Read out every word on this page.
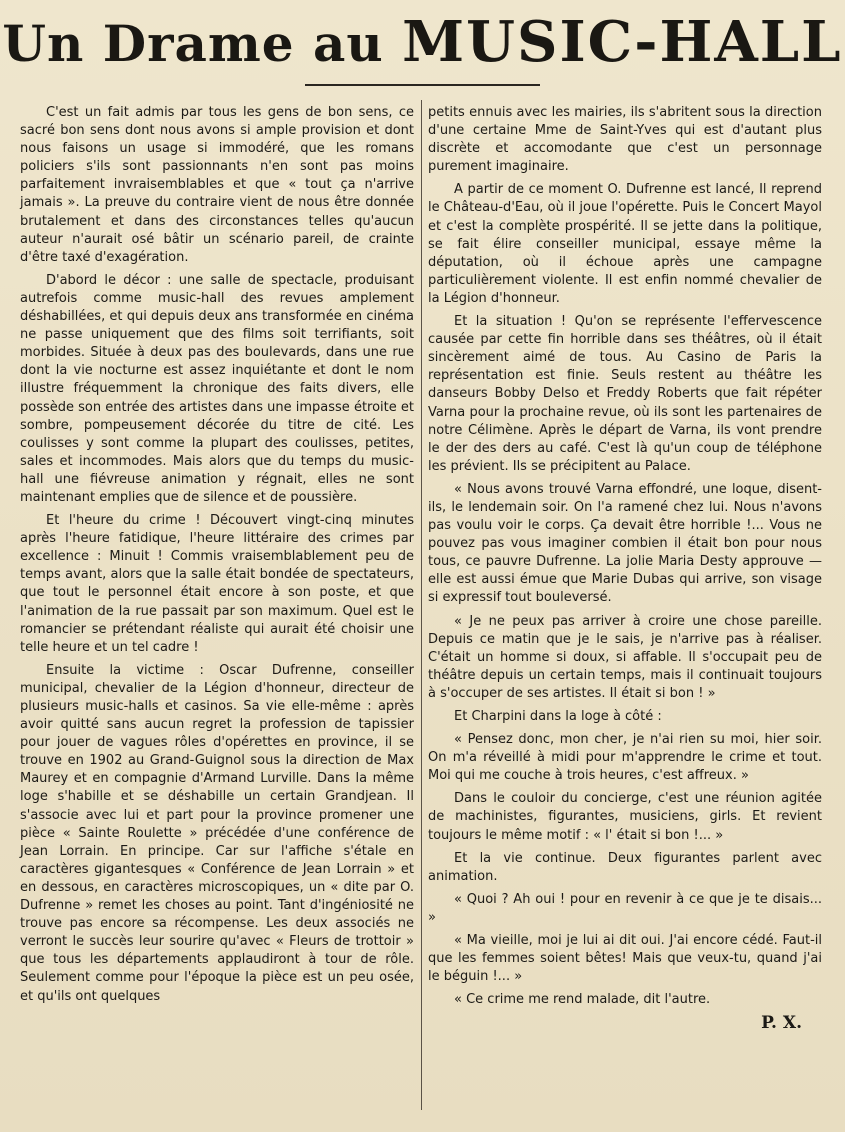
Un Drame au MUSIC-HALL

C'est un fait admis par tous les gens de bon sens, ce sacré bon sens dont nous avons si ample provision et dont nous faisons un usage si immodéré, que les romans policiers s'ils sont passionnants n'en sont pas moins parfaitement invraisemblables et que « tout ça n'arrive jamais ». La preuve du contraire vient de nous être donnée brutalement et dans des circonstances telles qu'aucun auteur n'aurait osé bâtir un scénario pareil, de crainte d'être taxé d'exagération.

D'abord le décor : une salle de spectacle, produisant autrefois comme music-hall des revues amplement déshabillées, et qui depuis deux ans transformée en cinéma ne passe uniquement que des films soit terrifiants, soit morbides. Située à deux pas des boulevards, dans une rue dont la vie nocturne est assez inquiétante et dont le nom illustre fréquemment la chronique des faits divers, elle possède son entrée des artistes dans une impasse étroite et sombre, pompeusement décorée du titre de cité. Les coulisses y sont comme la plupart des coulisses, petites, sales et incommodes. Mais alors que du temps du music-hall une fiévreuse animation y régnait, elles ne sont maintenant emplies que de silence et de poussière.

Et l'heure du crime ! Découvert vingt-cinq minutes après l'heure fatidique, l'heure littéraire des crimes par excellence : Minuit ! Commis vraisemblablement peu de temps avant, alors que la salle était bondée de spectateurs, que tout le personnel était encore à son poste, et que l'animation de la rue passait par son maximum. Quel est le romancier se prétendant réaliste qui aurait été choisir une telle heure et un tel cadre !

Ensuite la victime : Oscar Dufrenne, conseiller municipal, chevalier de la Légion d'honneur, directeur de plusieurs music-halls et casinos. Sa vie elle-même : après avoir quitté sans aucun regret la profession de tapissier pour jouer de vagues rôles d'opérettes en province, il se trouve en 1902 au Grand-Guignol sous la direction de Max Maurey et en compagnie d'Armand Lurville. Dans la même loge s'habille et se déshabille un certain Grandjean. Il s'associe avec lui et part pour la province promener une pièce « Sainte Roulette » précédée d'une conférence de Jean Lorrain. En principe. Car sur l'affiche s'étale en caractères gigantesques « Conférence de Jean Lorrain » et en dessous, en caractères microscopiques, un « dite par O. Dufrenne » remet les choses au point. Tant d'ingéniosité ne trouve pas encore sa récompense. Les deux associés ne verront le succès leur sourire qu'avec « Fleurs de trottoir » que tous les départements applaudiront à tour de rôle. Seulement comme pour l'époque la pièce est un peu osée, et qu'ils ont quelques

petits ennuis avec les mairies, ils s'abritent sous la direction d'une certaine Mme de Saint-Yves qui est d'autant plus discrète et accomodante que c'est un personnage purement imaginaire.

A partir de ce moment O. Dufrenne est lancé, Il reprend le Château-d'Eau, où il joue l'opérette. Puis le Concert Mayol et c'est la complète prospérité. Il se jette dans la politique, se fait élire conseiller municipal, essaye même la députation, où il échoue après une campagne particulièrement violente. Il est enfin nommé chevalier de la Légion d'honneur.

Et la situation ! Qu'on se représente l'effervescence causée par cette fin horrible dans ses théâtres, où il était sincèrement aimé de tous. Au Casino de Paris la représentation est finie. Seuls restent au théâtre les danseurs Bobby Delso et Freddy Roberts que fait répéter Varna pour la prochaine revue, où ils sont les partenaires de notre Célimène. Après le départ de Varna, ils vont prendre le der des ders au café. C'est là qu'un coup de téléphone les prévient. Ils se précipitent au Palace.

« Nous avons trouvé Varna effondré, une loque, disent-ils, le lendemain soir. On l'a ramené chez lui. Nous n'avons pas voulu voir le corps. Ça devait être horrible !... Vous ne pouvez pas vous imaginer combien il était bon pour nous tous, ce pauvre Dufrenne. La jolie Maria Desty approuve — elle est aussi émue que Marie Dubas qui arrive, son visage si expressif tout bouleversé.

« Je ne peux pas arriver à croire une chose pareille. Depuis ce matin que je le sais, je n'arrive pas à réaliser. C'était un homme si doux, si affable. Il s'occupait peu de théâtre depuis un certain temps, mais il continuait toujours à s'occuper de ses artistes. Il était si bon ! »

Et Charpini dans la loge à côté :

« Pensez donc, mon cher, je n'ai rien su moi, hier soir. On m'a réveillé à midi pour m'apprendre le crime et tout. Moi qui me couche à trois heures, c'est affreux. »

Dans le couloir du concierge, c'est une réunion agitée de machinistes, figurantes, musiciens, girls. Et revient toujours le même motif : « l' était si bon !... »

Et la vie continue. Deux figurantes parlent avec animation.

« Quoi ? Ah oui ! pour en revenir à ce que je te disais... »

« Ma vieille, moi je lui ai dit oui. J'ai encore cédé. Faut-il que les femmes soient bêtes! Mais que veux-tu, quand j'ai le béguin !... »

« Ce crime me rend malade, dit l'autre.

P. X.
